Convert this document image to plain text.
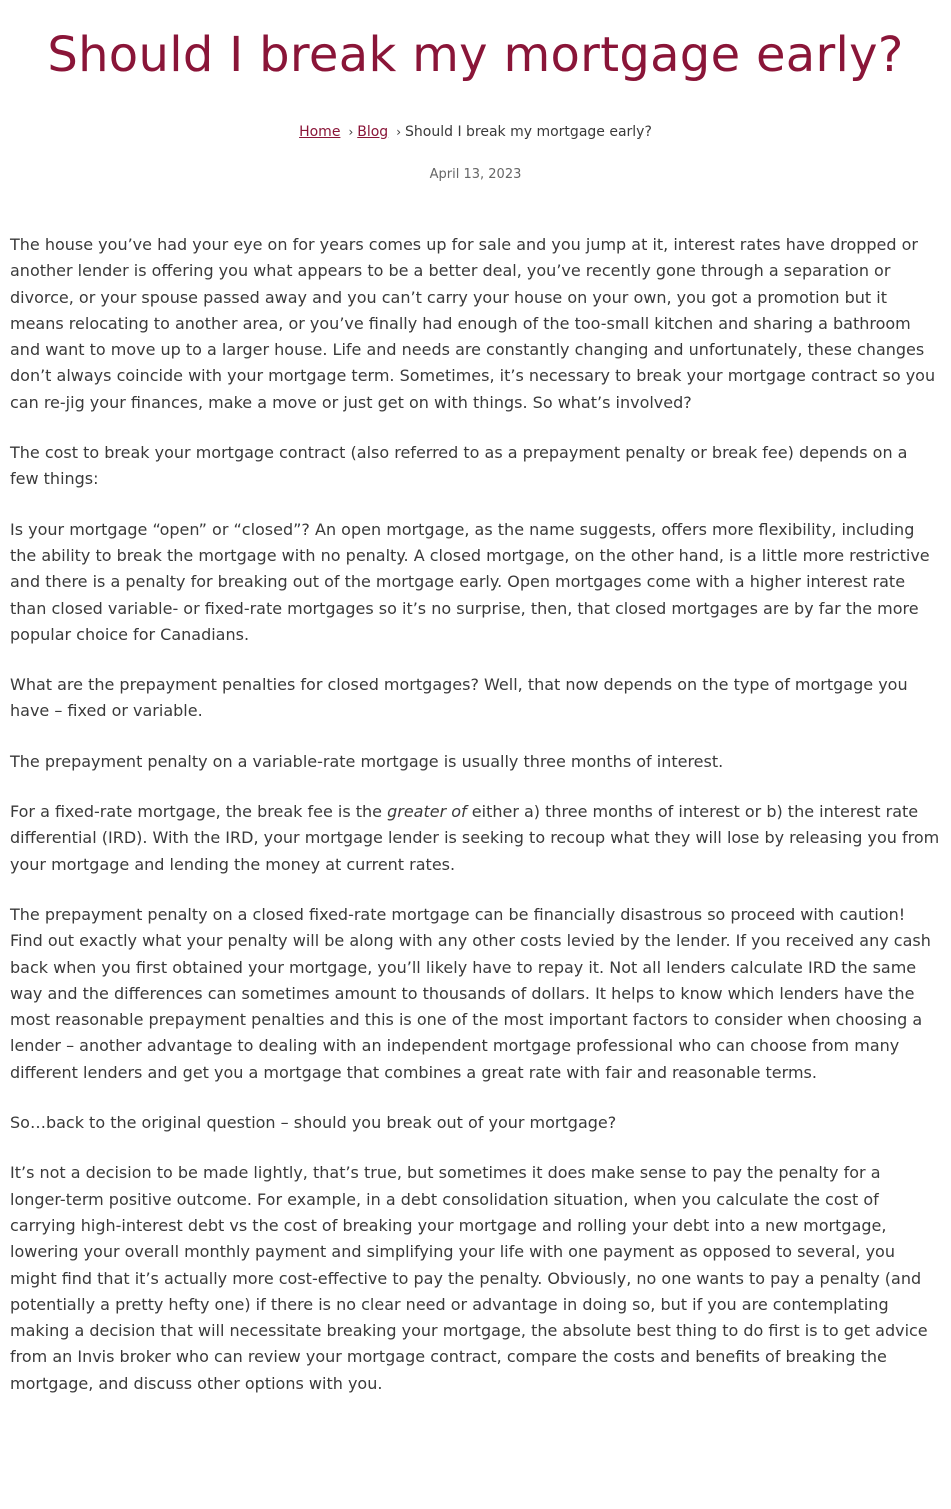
Should I break my mortgage early?
Home › Blog › Should I break my mortgage early?
April 13, 2023

The house you’ve had your eye on for years comes up for sale and you jump at it, interest rates have dropped or another lender is offering you what appears to be a better deal, you’ve recently gone through a separation or divorce, or your spouse passed away and you can’t carry your house on your own, you got a promotion but it means relocating to another area, or you’ve finally had enough of the too-small kitchen and sharing a bathroom and want to move up to a larger house. Life and needs are constantly changing and unfortunately, these changes don’t always coincide with your mortgage term. Sometimes, it’s necessary to break your mortgage contract so you can re-jig your finances, make a move or just get on with things. So what’s involved?

The cost to break your mortgage contract (also referred to as a prepayment penalty or break fee) depends on a few things:

Is your mortgage “open” or “closed”? An open mortgage, as the name suggests, offers more flexibility, including the ability to break the mortgage with no penalty. A closed mortgage, on the other hand, is a little more restrictive and there is a penalty for breaking out of the mortgage early. Open mortgages come with a higher interest rate than closed variable- or fixed-rate mortgages so it’s no surprise, then, that closed mortgages are by far the more popular choice for Canadians.

What are the prepayment penalties for closed mortgages? Well, that now depends on the type of mortgage you have – fixed or variable.

The prepayment penalty on a variable-rate mortgage is usually three months of interest.

For a fixed-rate mortgage, the break fee is the greater of either a) three months of interest or b) the interest rate differential (IRD). With the IRD, your mortgage lender is seeking to recoup what they will lose by releasing you from your mortgage and lending the money at current rates.

The prepayment penalty on a closed fixed-rate mortgage can be financially disastrous so proceed with caution! Find out exactly what your penalty will be along with any other costs levied by the lender. If you received any cash back when you first obtained your mortgage, you’ll likely have to repay it. Not all lenders calculate IRD the same way and the differences can sometimes amount to thousands of dollars. It helps to know which lenders have the most reasonable prepayment penalties and this is one of the most important factors to consider when choosing a lender – another advantage to dealing with an independent mortgage professional who can choose from many different lenders and get you a mortgage that combines a great rate with fair and reasonable terms.

So…back to the original question – should you break out of your mortgage?

It’s not a decision to be made lightly, that’s true, but sometimes it does make sense to pay the penalty for a longer-term positive outcome. For example, in a debt consolidation situation, when you calculate the cost of carrying high-interest debt vs the cost of breaking your mortgage and rolling your debt into a new mortgage, lowering your overall monthly payment and simplifying your life with one payment as opposed to several, you might find that it’s actually more cost-effective to pay the penalty. Obviously, no one wants to pay a penalty (and potentially a pretty hefty one) if there is no clear need or advantage in doing so, but if you are contemplating making a decision that will necessitate breaking your mortgage, the absolute best thing to do first is to get advice from an Invis broker who can review your mortgage contract, compare the costs and benefits of breaking the mortgage, and discuss other options with you.
